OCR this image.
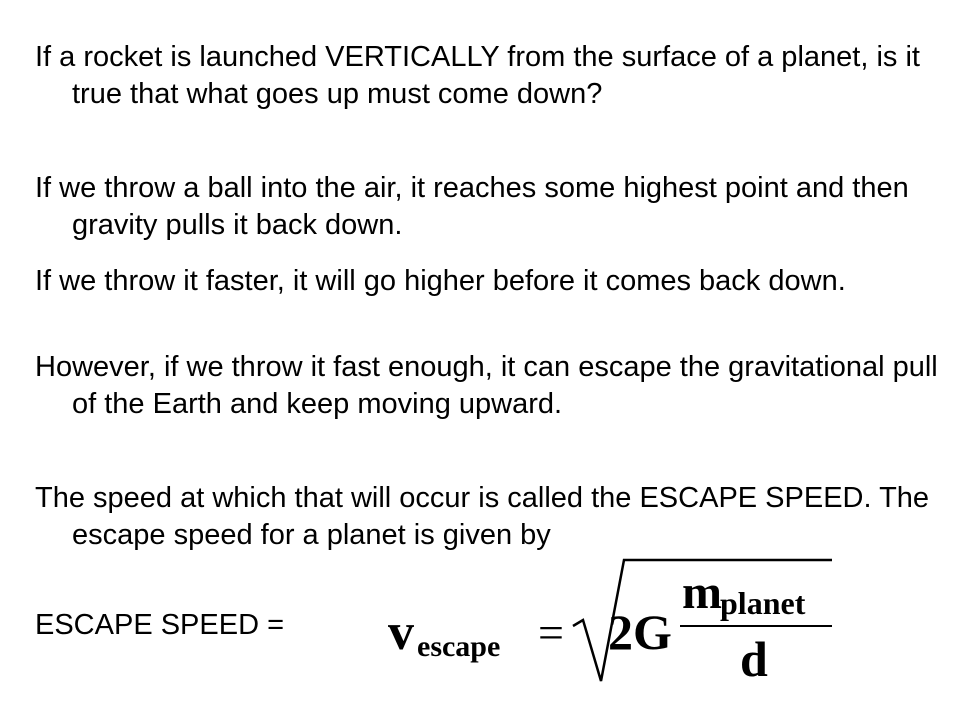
If a rocket is launched VERTICALLY from the surface of a planet, is it true that what goes up must come down?

If we throw a ball into the air, it reaches some highest point and then gravity pulls it back down.

If we throw it faster, it will go higher before it comes back down.

However, if we throw it fast enough, it can escape the gravitational pull of the Earth and keep moving upward.

The speed at which that will occur is called the ESCAPE SPEED. The escape speed for a planet is given by

ESCAPE SPEED =	v escape = 2G
m
planet
d
